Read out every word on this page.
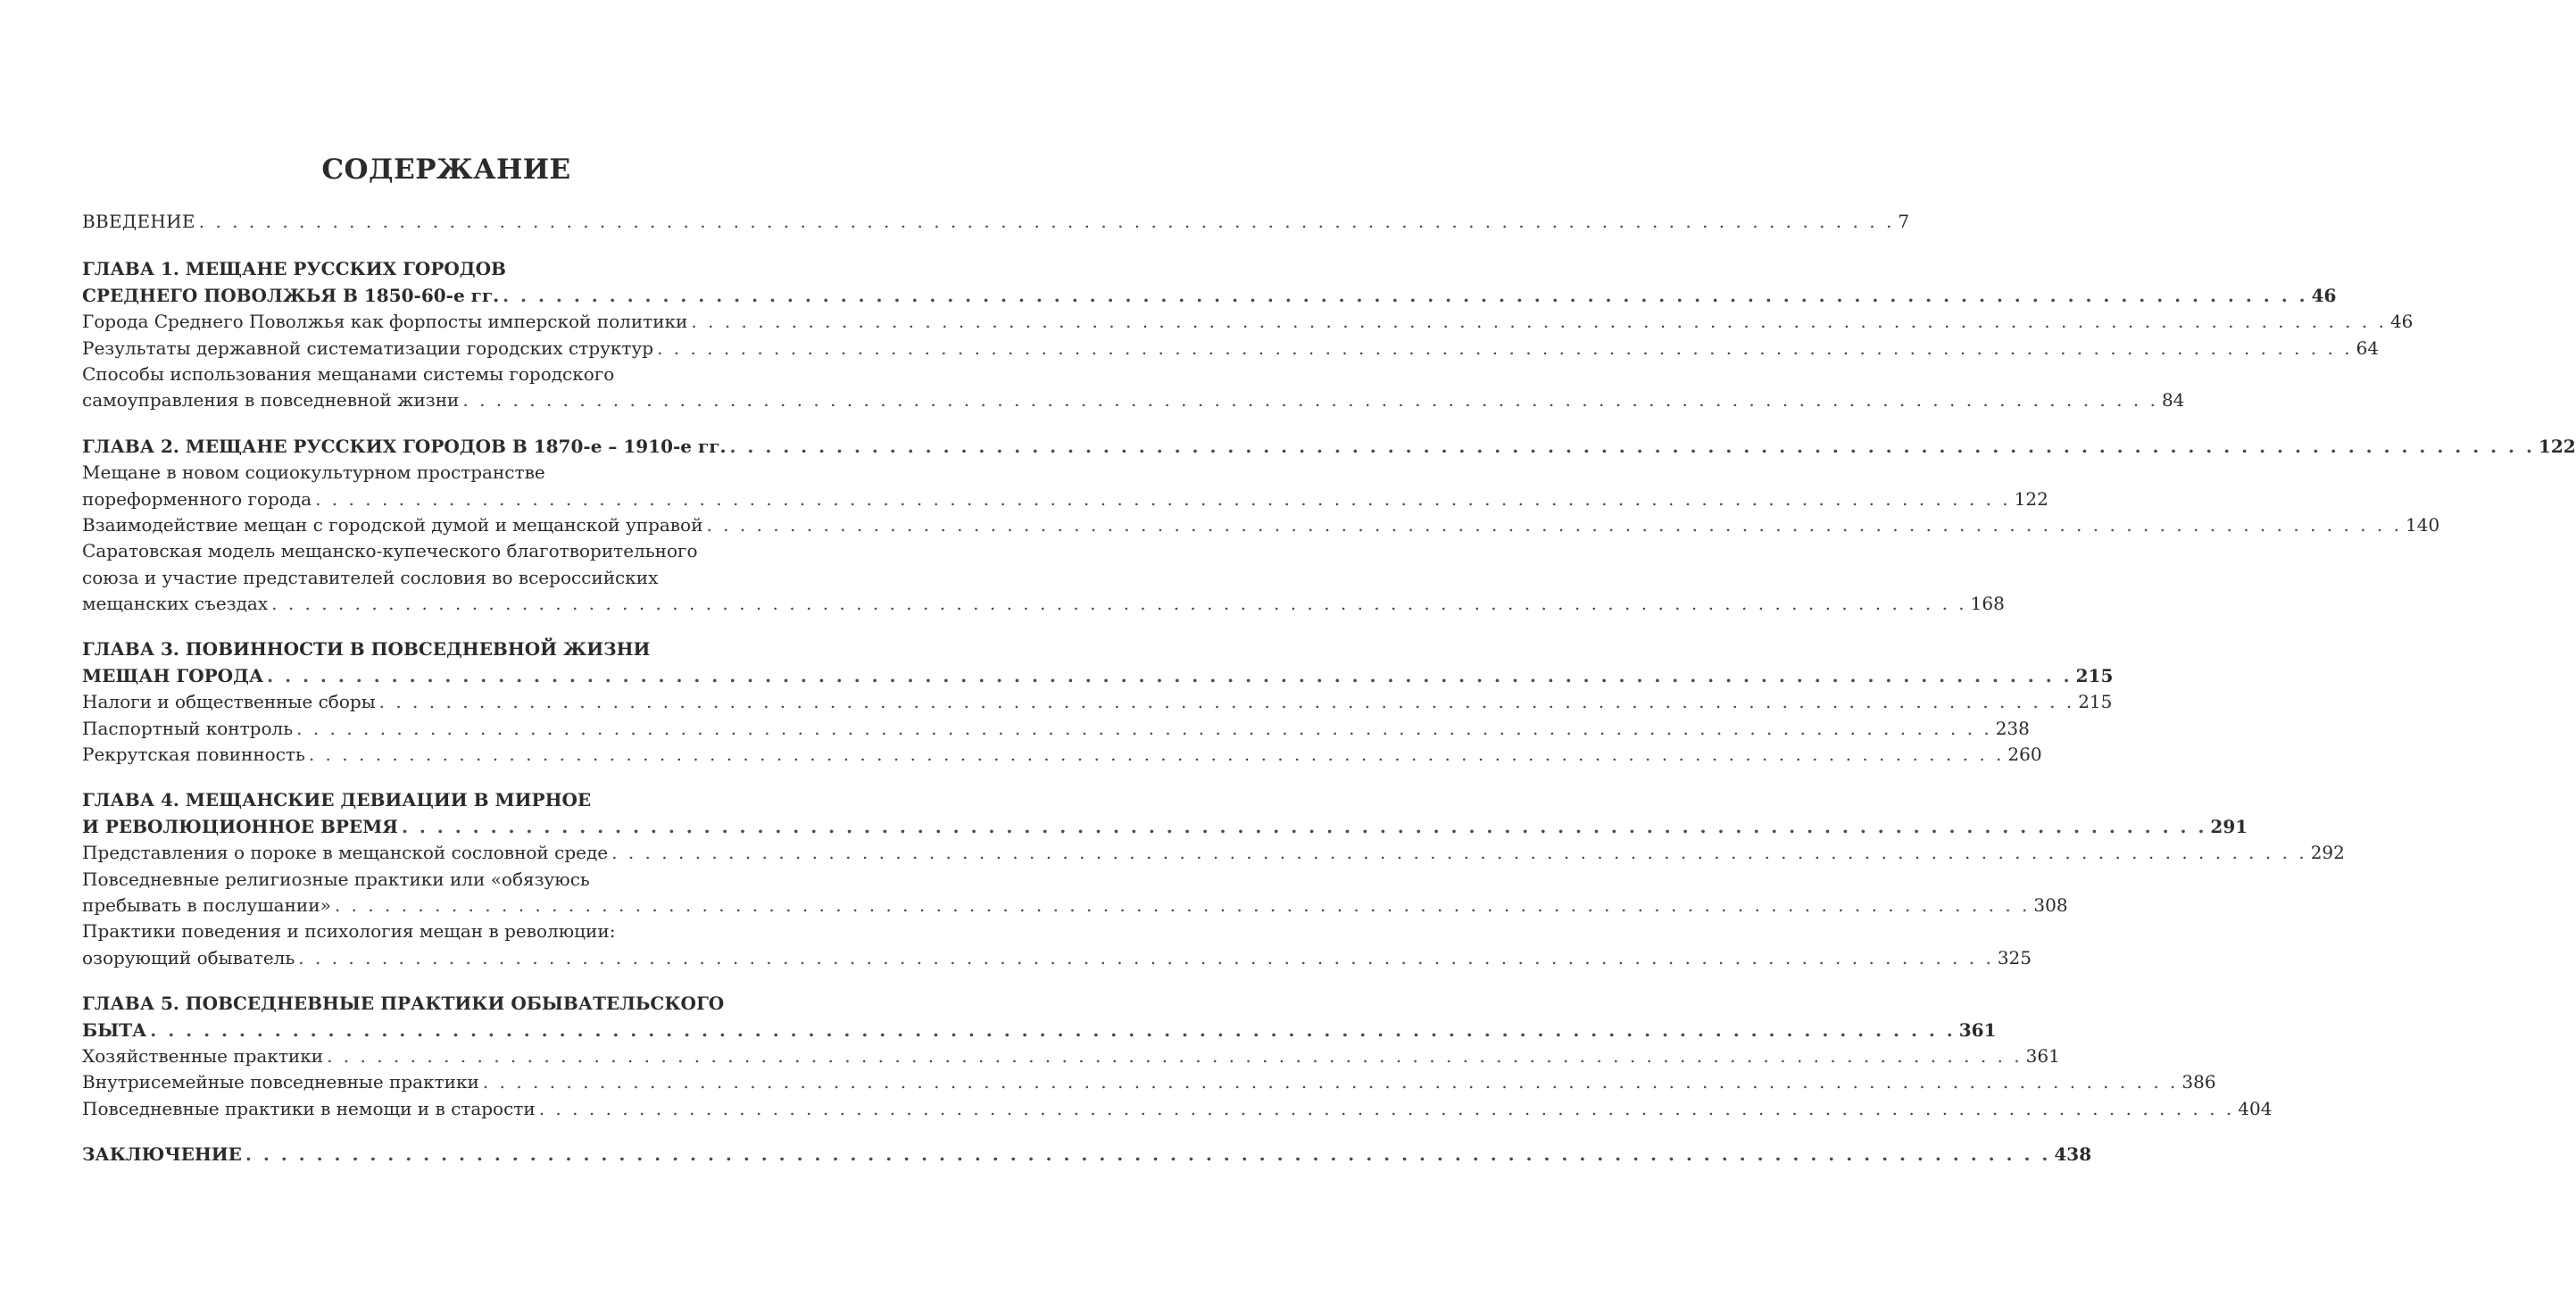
СОДЕРЖАНИЕ
ВВЕДЕНИЕ . . .	7
ГЛАВА 1. МЕЩАНЕ РУССКИХ ГОРОДОВ
СРЕДНЕГО ПОВОЛЖЬЯ В 1850-60-е гг. . . .	46
Города Среднего Поволжья как форпосты имперской политики . . .	46
Результаты державной систематизации городских структур . . .	64
Способы использования мещанами системы городского
самоуправления в повседневной жизни . . .	84
ГЛАВА 2. МЕЩАНЕ РУССКИХ ГОРОДОВ В 1870-е – 1910-е гг. . . .	122
Мещане в новом социокультурном пространстве
пореформенного города . . .	122
Взаимодействие мещан с городской думой и мещанской управой . . .	140
Саратовская модель мещанско-купеческого благотворительного
союза и участие представителей сословия во всероссийских
мещанских съездах . . .	168
ГЛАВА 3. ПОВИННОСТИ В ПОВСЕДНЕВНОЙ ЖИЗНИ
МЕЩАН ГОРОДА . . .	215
Налоги и общественные сборы . . .	215
Паспортный контроль . . .	238
Рекрутская повинность . . .	260
ГЛАВА 4. МЕЩАНСКИЕ ДЕВИАЦИИ В МИРНОЕ
И РЕВОЛЮЦИОННОЕ ВРЕМЯ . . .	291
Представления о пороке в мещанской сословной среде . . .	292
Повседневные религиозные практики или «обязуюсь
пребывать в послушании» . . .	308
Практики поведения и психология мещан в революции:
озорующий обыватель . . .	325
ГЛАВА 5. ПОВСЕДНЕВНЫЕ ПРАКТИКИ ОБЫВАТЕЛЬСКОГО
БЫТА . . .	361
Хозяйственные практики . . .	361
Внутрисемейные повседневные практики . . .	386
Повседневные практики в немощи и в старости . . .	404
ЗАКЛЮЧЕНИЕ . . .	438
